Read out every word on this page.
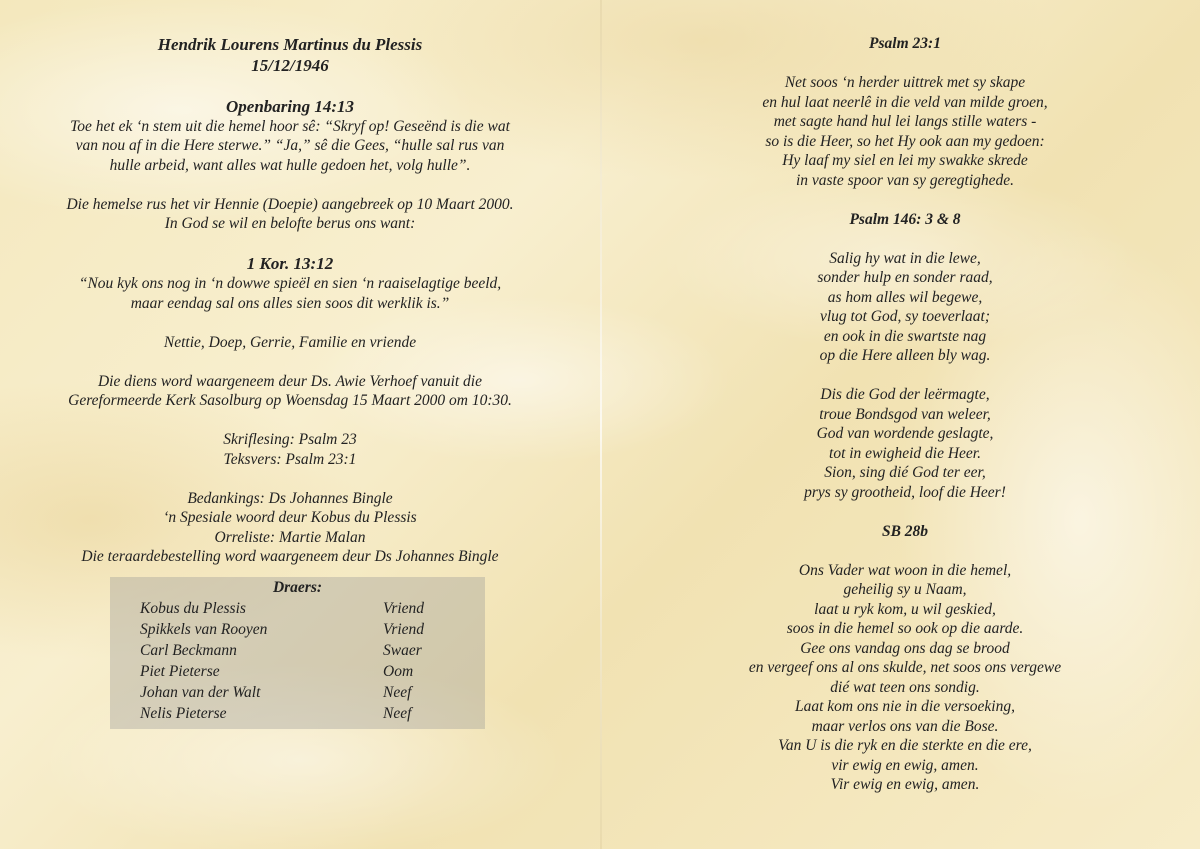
Hendrik Lourens Martinus du Plessis

15/12/1946

Openbaring 14:13

Toe het ek ‘n stem uit die hemel hoor sê: “Skryf op! Geseënd is die wat

van nou af in die Here sterwe.” “Ja,” sê die Gees, “hulle sal rus van

hulle arbeid, want alles wat hulle gedoen het, volg hulle”.

Die hemelse rus het vir Hennie (Doepie) aangebreek op 10 Maart 2000.

In God se wil en belofte berus ons want:

1 Kor. 13:12

“Nou kyk ons nog in ‘n dowwe spieël en sien ‘n raaiselagtige beeld,

maar eendag sal ons alles sien soos dit werklik is.”

Nettie, Doep, Gerrie, Familie en vriende

Die diens word waargeneem deur Ds. Awie Verhoef vanuit die

Gereformeerde Kerk Sasolburg op Woensdag 15 Maart 2000 om 10:30.

Skriflesing: Psalm 23

Teksvers: Psalm 23:1

Bedankings: Ds Johannes Bingle

‘n Spesiale woord deur Kobus du Plessis

Orreliste: Martie Malan

Die teraardebestelling word waargeneem deur Ds Johannes Bingle

Draers:
Kobus du Plessis	Vriend
Spikkels van Rooyen	Vriend
Carl Beckmann	Swaer
Piet Pieterse	Oom
Johan van der Walt	Neef
Nelis Pieterse	Neef

Psalm 23:1

Net soos ‘n herder uittrek met sy skape

en hul laat neerlê in die veld van milde groen,

met sagte hand hul lei langs stille waters -

so is die Heer, so het Hy ook aan my gedoen:

Hy laaf my siel en lei my swakke skrede

in vaste spoor van sy geregtighede.

Psalm 146: 3 & 8

Salig hy wat in die lewe,

sonder hulp en sonder raad,

as hom alles wil begewe,

vlug tot God, sy toeverlaat;

en ook in die swartste nag

op die Here alleen bly wag.

Dis die God der leërmagte,

troue Bondsgod van weleer,

God van wordende geslagte,

tot in ewigheid die Heer.

Sion, sing dié God ter eer,

prys sy grootheid, loof die Heer!

SB 28b

Ons Vader wat woon in die hemel,

geheilig sy u Naam,

laat u ryk kom, u wil geskied,

soos in die hemel so ook op die aarde.

Gee ons vandag ons dag se brood

en vergeef ons al ons skulde, net soos ons vergewe

dié wat teen ons sondig.

Laat kom ons nie in die versoeking,

maar verlos ons van die Bose.

Van U is die ryk en die sterkte en die ere,

vir ewig en ewig, amen.

Vir ewig en ewig, amen.
